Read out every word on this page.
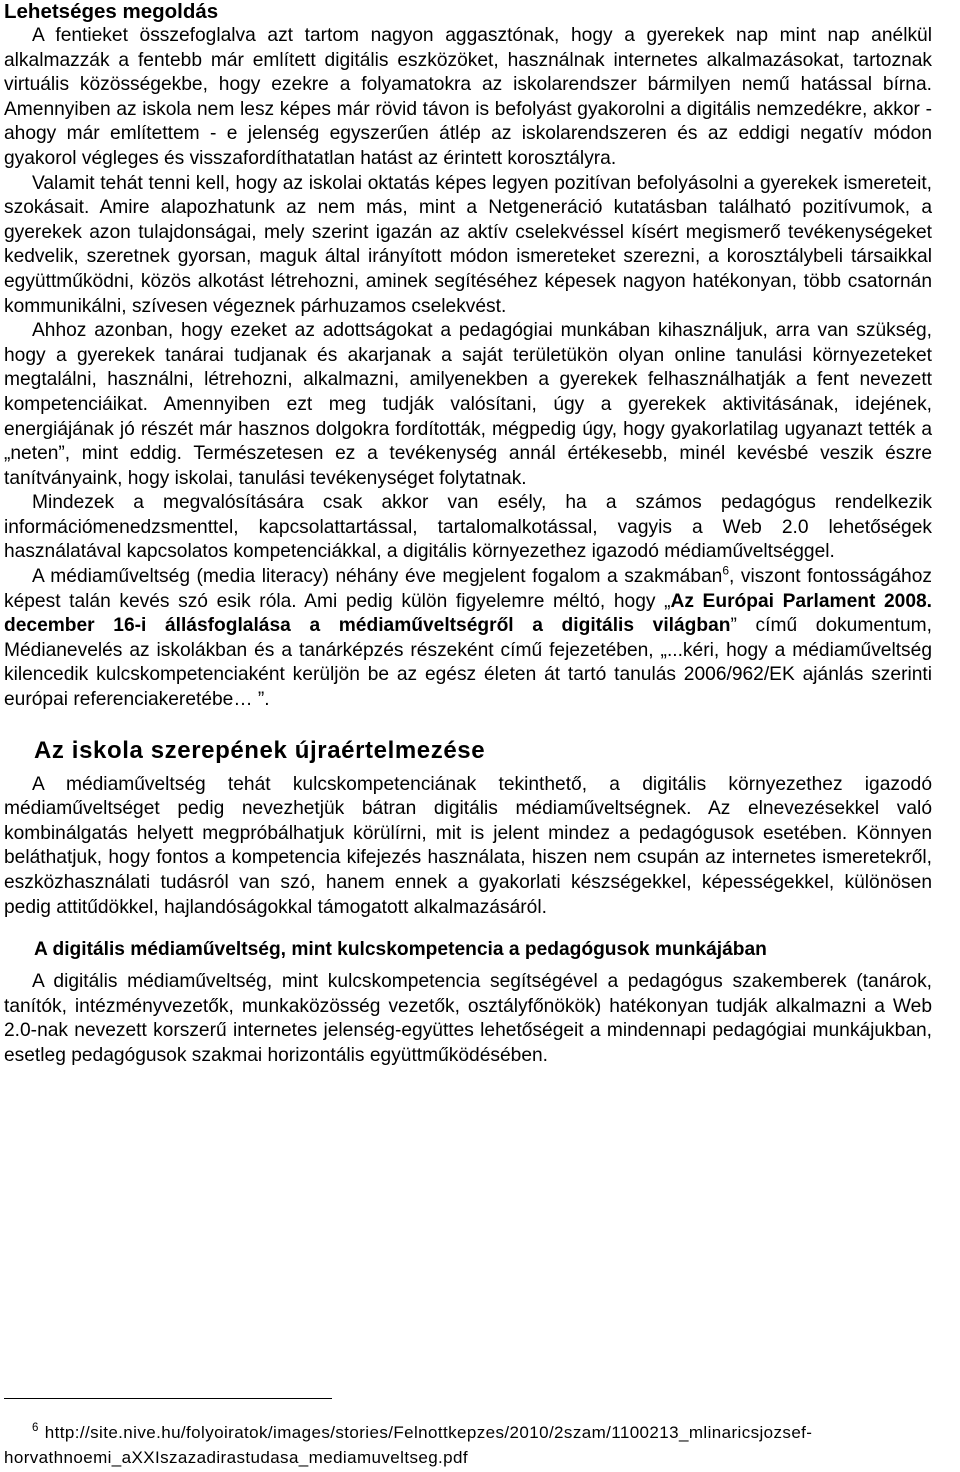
Lehetséges megoldás

A fentieket összefoglalva azt tartom nagyon aggasztónak, hogy a gyerekek nap mint nap anélkül alkalmazzák a fentebb már említett digitális eszközöket, használnak internetes alkalmazásokat, tartoznak virtuális közösségekbe, hogy ezekre a folyamatokra az iskolarendszer bármilyen nemű hatással bírna. Amennyiben az iskola nem lesz képes már rövid távon is befolyást gyakorolni a digitális nemzedékre, akkor - ahogy már említettem - e jelenség egyszerűen átlép az iskolarendszeren és az eddigi negatív módon gyakorol végleges és visszafordíthatatlan hatást az érintett korosztályra.

Valamit tehát tenni kell, hogy az iskolai oktatás képes legyen pozitívan befolyásolni a gyerekek ismereteit, szokásait. Amire alapozhatunk az nem más, mint a Netgeneráció kutatásban található pozitívumok, a gyerekek azon tulajdonságai, mely szerint igazán az aktív cselekvéssel kísért megismerő tevékenységeket kedvelik, szeretnek gyorsan, maguk által irányított módon ismereteket szerezni, a korosztálybeli társaikkal együttműködni, közös alkotást létrehozni, aminek segítéséhez képesek nagyon hatékonyan, több csatornán kommunikálni, szívesen végeznek párhuzamos cselekvést.

Ahhoz azonban, hogy ezeket az adottságokat a pedagógiai munkában kihasználjuk, arra van szükség, hogy a gyerekek tanárai tudjanak és akarjanak a saját területükön olyan online tanulási környezeteket megtalálni, használni, létrehozni, alkalmazni, amilyenekben a gyerekek felhasználhatják a fent nevezett kompetenciáikat. Amennyiben ezt meg tudják valósítani, úgy a gyerekek aktivitásának, idejének, energiájának jó részét már hasznos dolgokra fordították, mégpedig úgy, hogy gyakorlatilag ugyanazt tették a „neten”, mint eddig. Természetesen ez a tevékenység annál értékesebb, minél kevésbé veszik észre tanítványaink, hogy iskolai, tanulási tevékenységet folytatnak.

Mindezek a megvalósítására csak akkor van esély, ha a számos pedagógus rendelkezik információmenedzsmenttel, kapcsolattartással, tartalomalkotással, vagyis a Web 2.0 lehetőségek használatával kapcsolatos kompetenciákkal, a digitális környezethez igazodó médiaműveltséggel.

A médiaműveltség (media literacy) néhány éve megjelent fogalom a szakmában$^6$, viszont fontosságához képest talán kevés szó esik róla. Ami pedig külön figyelemre méltó, hogy „Az Európai Parlament 2008. december 16-i állásfoglalása a médiaműveltségről a digitális világban” című dokumentum, Médianevelés az iskolákban és a tanárképzés részeként című fejezetében, „...kéri, hogy a médiaműveltség kilencedik kulcskompetenciaként kerüljön be az egész életen át tartó tanulás 2006/962/EK ajánlás szerinti európai referenciakeretébe… ”.

Az iskola szerepének újraértelmezése

A médiaműveltség tehát kulcskompetenciának tekinthető, a digitális környezethez igazodó médiaműveltséget pedig nevezhetjük bátran digitális médiaműveltségnek. Az elnevezésekkel való kombinálgatás helyett megpróbálhatjuk körülírni, mit is jelent mindez a pedagógusok esetében. Könnyen beláthatjuk, hogy fontos a kompetencia kifejezés használata, hiszen nem csupán az internetes ismeretekről, eszközhasználati tudásról van szó, hanem ennek a gyakorlati készségekkel, képességekkel, különösen pedig attitűdökkel, hajlandóságokkal támogatott alkalmazásáról.

A digitális médiaműveltség, mint kulcskompetencia a pedagógusok munkájában

A digitális médiaműveltség, mint kulcskompetencia segítségével a pedagógus szakemberek (tanárok, tanítók, intézményvezetők, munkaközösség vezetők, osztályfőnökök) hatékonyan tudják alkalmazni a Web 2.0-nak nevezett korszerű internetes jelenség-együttes lehetőségeit a mindennapi pedagógiai munkájukban, esetleg pedagógusok szakmai horizontális együttműködésében.

$^6$ http://site.nive.hu/folyoiratok/images/stories/Felnottkepzes/2010/2szam/1100213_mlinaricsjozsef-horvathnoemi_aXXIszazadirastudasa_mediamuveltseg.pdf
